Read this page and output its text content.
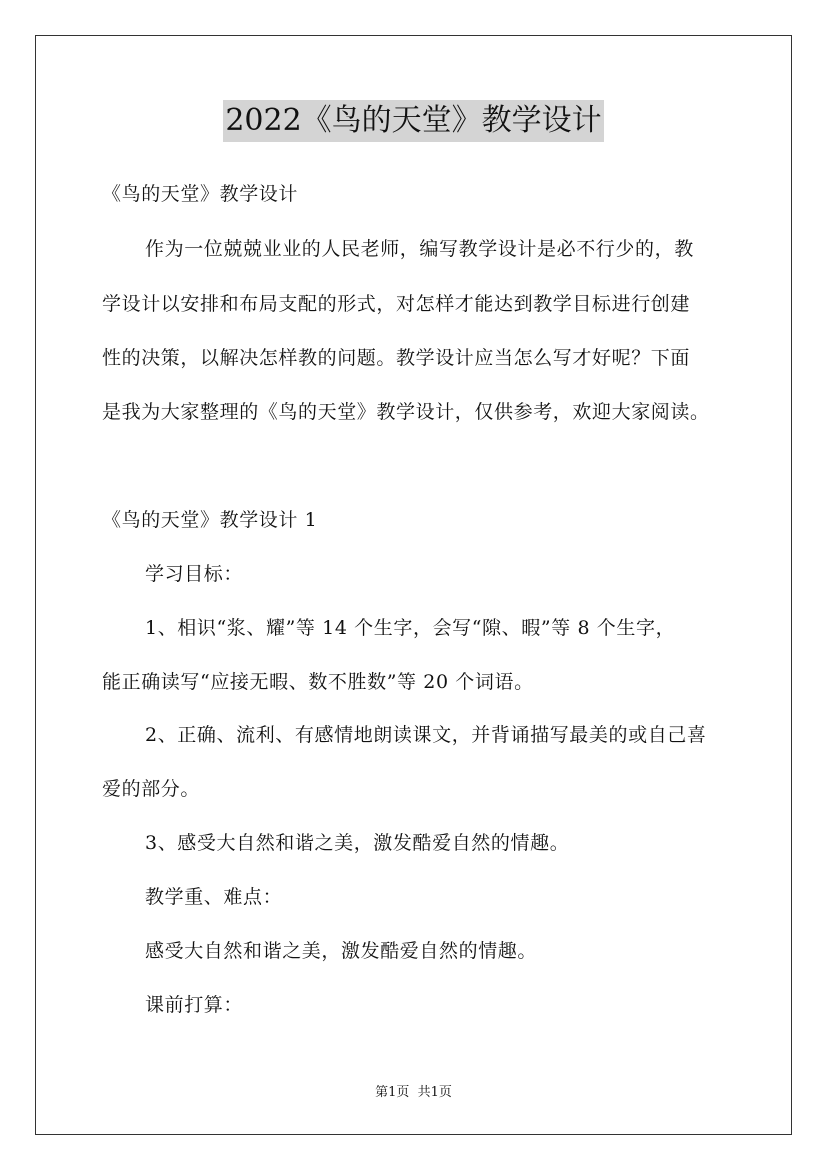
2022《鸟的天堂》教学设计
《鸟的天堂》教学设计
作为一位兢兢业业的人民老师，编写教学设计是必不行少的，教
学设计以安排和布局支配的形式，对怎样才能达到教学目标进行创建
性的决策，以解决怎样教的问题。教学设计应当怎么写才好呢？下面
是我为大家整理的《鸟的天堂》教学设计，仅供参考，欢迎大家阅读。
《鸟的天堂》教学设计 1
学习目标：
1、相识“浆、耀”等 14 个生字，会写“隙、暇”等 8 个生字，
能正确读写“应接无暇、数不胜数”等 20 个词语。
2、正确、流利、有感情地朗读课文，并背诵描写最美的或自己喜
爱的部分。
3、感受大自然和谐之美，激发酷爱自然的情趣。
教学重、难点：
感受大自然和谐之美，激发酷爱自然的情趣。
课前打算：
第1页 共1页
